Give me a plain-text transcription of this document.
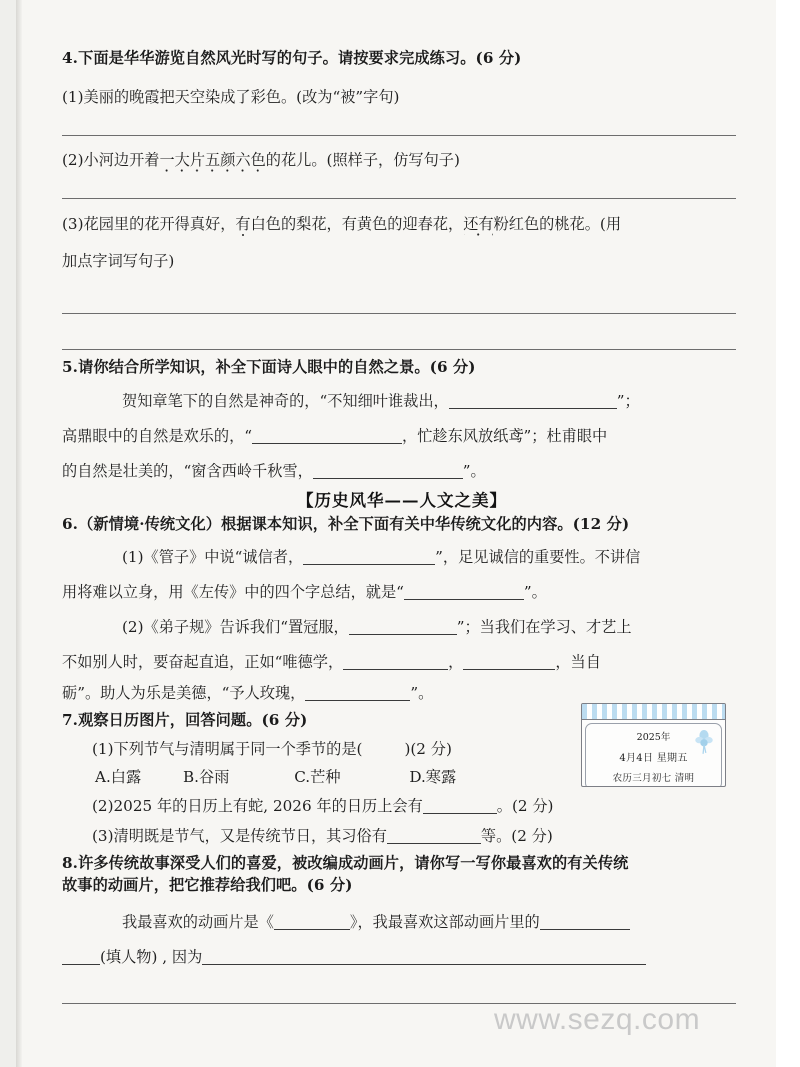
4.下面是华华游览自然风光时写的句子。请按要求完成练习。(6 分)
(1)美丽的晚霞把天空染成了彩色。(改为“被”字句)
(2)小河边开着一大片五颜六色的花儿。(照样子，仿写句子)
(3)花园里的花开得真好，有白色的梨花，有黄色的迎春花，还有粉红色的桃花。(用
加点字词写句子)
5.请你结合所学知识，补全下面诗人眼中的自然之景。(6 分)
贺知章笔下的自然是神奇的，“不知细叶谁裁出，	”；
高鼎眼中的自然是欢乐的，“	，忙趁东风放纸鸢”；杜甫眼中
的自然是壮美的，“窗含西岭千秋雪，	”。
【历史风华——人文之美】
6.（新情境·传统文化）根据课本知识，补全下面有关中华传统文化的内容。(12 分)
(1)《管子》中说“诚信者，	”，足见诚信的重要性。不讲信
用将难以立身，用《左传》中的四个字总结，就是“	”。
(2)《弟子规》告诉我们“置冠服，	”；当我们在学习、才艺上
不如别人时，要奋起直追，正如“唯德学，	，	，当自
砺”。助人为乐是美德，“予人玫瑰，	”。
7.观察日历图片，回答问题。(6 分)
(1)下列节气与清明属于同一个季节的是(	)(2 分)
A.白露	B.谷雨	C.芒种	D.寒露
(2)2025 年的日历上有蛇, 2026 年的日历上会有	。(2 分)
(3)清明既是节气，又是传统节日，其习俗有	等。(2 分)
2025年
4月4日 星期五
农历三月初七 清明
8.许多传统故事深受人们的喜爱，被改编成动画片，请你写一写你最喜欢的有关传统
故事的动画片，把它推荐给我们吧。(6 分)
我最喜欢的动画片是《	》，我最喜欢这部动画片里的
(填人物) , 因为
www.sezq.com
